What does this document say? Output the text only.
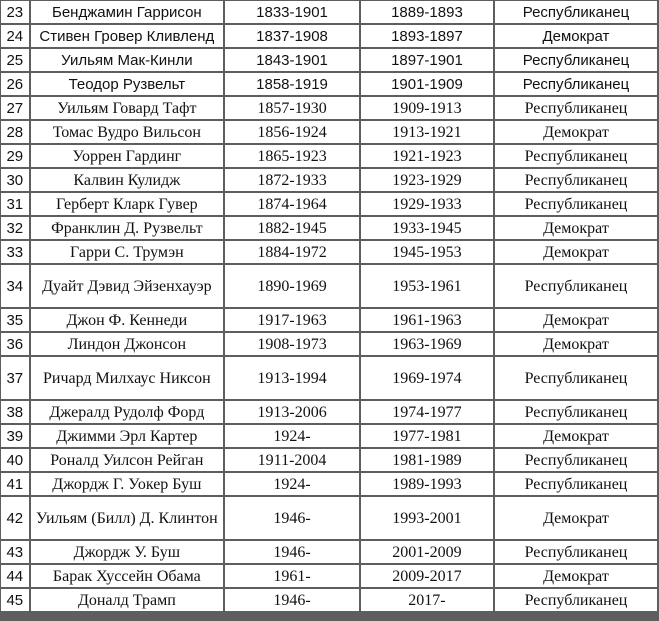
23	Бенджамин Гаррисон	1833-1901	1889-1893	Республиканец
24	Стивен Гровер Кливленд	1837-1908	1893-1897	Демократ
25	Уильям Мак-Кинли	1843-1901	1897-1901	Республиканец
26	Теодор Рузвельт	1858-1919	1901-1909	Республиканец
27	Уильям Говард Тафт	1857-1930	1909-1913	Республиканец
28	Томас Вудро Вильсон	1856-1924	1913-1921	Демократ
29	Уоррен Гардинг	1865-1923	1921-1923	Республиканец
30	Калвин Кулидж	1872-1933	1923-1929	Республиканец
31	Герберт Кларк Гувер	1874-1964	1929-1933	Республиканец
32	Франклин Д. Рузвельт	1882-1945	1933-1945	Демократ
33	Гарри С. Трумэн	1884-1972	1945-1953	Демократ
34	Дуайт Дэвид Эйзенхауэр	1890-1969	1953-1961	Республиканец
35	Джон Ф. Кеннеди	1917-1963	1961-1963	Демократ
36	Линдон Джонсон	1908-1973	1963-1969	Демократ
37	Ричард Милхаус Никсон	1913-1994	1969-1974	Республиканец
38	Джералд Рудолф Форд	1913-2006	1974-1977	Республиканец
39	Джимми Эрл Картер	1924-	1977-1981	Демократ
40	Роналд Уилсон Рейган	1911-2004	1981-1989	Республиканец
41	Джордж Г. Уокер Буш	1924-	1989-1993	Республиканец
42	Уильям (Билл) Д. Клинтон	1946-	1993-2001	Демократ
43	Джордж У. Буш	1946-	2001-2009	Республиканец
44	Барак Хуссейн Обама	1961-	2009-2017	Демократ
45	Доналд Трамп	1946-	2017-	Республиканец
